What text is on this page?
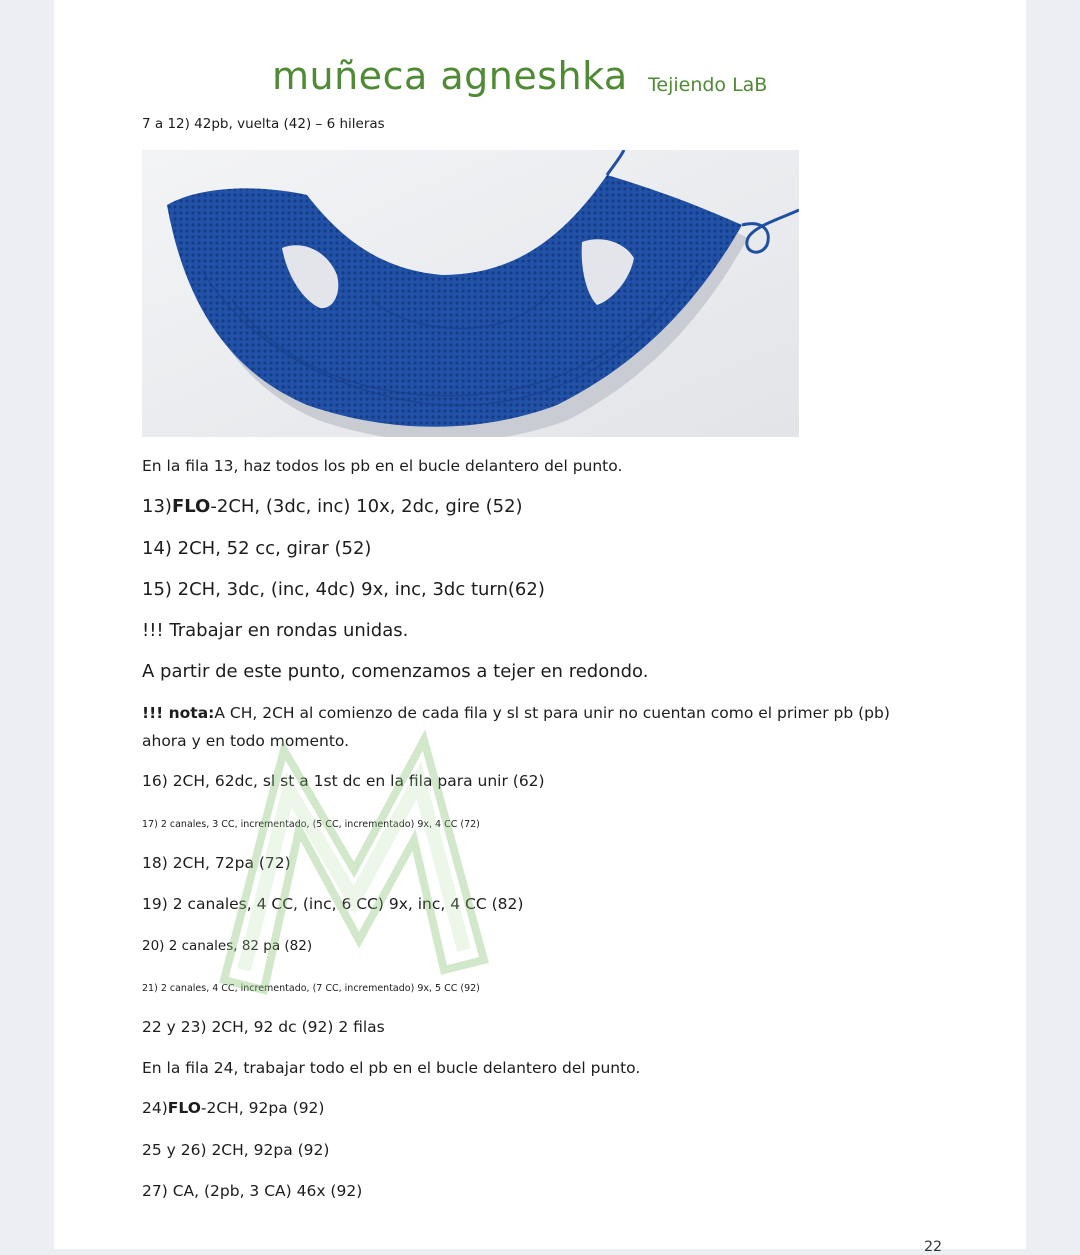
muñeca agneshka Tejiendo LaB
7 a 12) 42pb, vuelta (42) – 6 hileras
En la fila 13, haz todos los pb en el bucle delantero del punto.
13)FLO-2CH, (3dc, inc) 10x, 2dc, gire (52)
14) 2CH, 52 cc, girar (52)
15) 2CH, 3dc, (inc, 4dc) 9x, inc, 3dc turn(62)
!!! Trabajar en rondas unidas.
A partir de este punto, comenzamos a tejer en redondo.
!!! nota:A CH, 2CH al comienzo de cada fila y sl st para unir no cuentan como el primer pb (pb) ahora y en todo momento.
16) 2CH, 62dc, sl st a 1st dc en la fila para unir (62)
17) 2 canales, 3 CC, incrementado, (5 CC, incrementado) 9x, 4 CC (72)
18) 2CH, 72pa (72)
19) 2 canales, 4 CC, (inc, 6 CC) 9x, inc, 4 CC (82)
20) 2 canales, 82 pa (82)
21) 2 canales, 4 CC, incrementado, (7 CC, incrementado) 9x, 5 CC (92)
22 y 23) 2CH, 92 dc (92) 2 filas
En la fila 24, trabajar todo el pb en el bucle delantero del punto.
24)FLO-2CH, 92pa (92)
25 y 26) 2CH, 92pa (92)
27) CA, (2pb, 3 CA) 46x (92)
22
